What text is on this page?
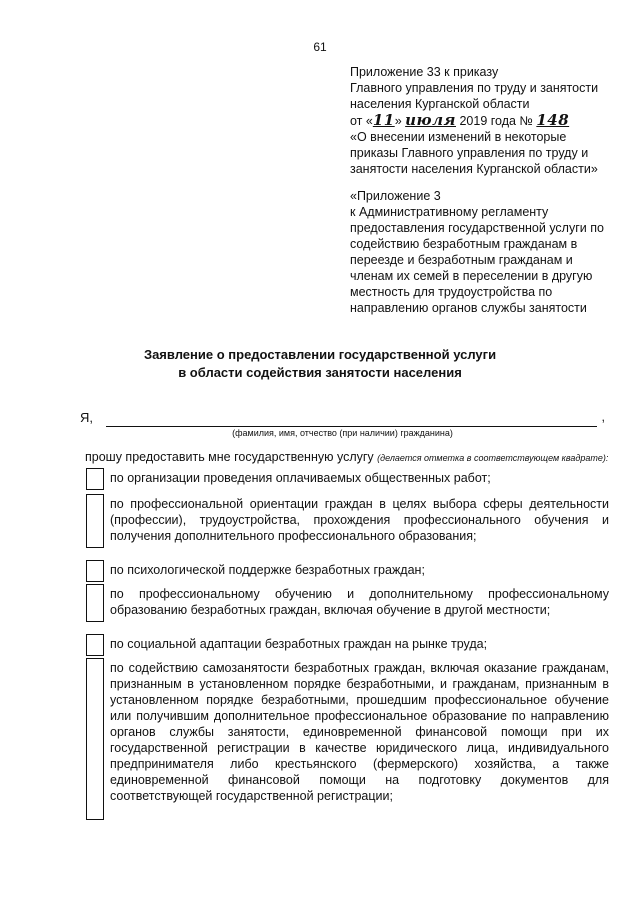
61
Приложение 33 к приказу
Главного управления по труду и занятости
населения Курганской области
от «11» июля 2019 года № 148
«О внесении изменений в некоторые
приказы Главного управления по труду и
занятости населения Курганской области»
«Приложение 3
к Административному регламенту
предоставления государственной услуги по
содействию безработным гражданам в
переезде и безработным гражданам и
членам их семей в переселении в другую
местность для трудоустройства по
направлению органов службы занятости
Заявление о предоставлении государственной услуги
в области содействия занятости населения
Я,	,
(фамилия, имя, отчество (при наличии) гражданина)
прошу предоставить мне государственную услугу (делается отметка в соответствующем квадрате):
по организации проведения оплачиваемых общественных работ;
по профессиональной ориентации граждан в целях выбора сферы деятельности (профессии), трудоустройства, прохождения профессионального обучения и получения дополнительного профессионального образования;
по психологической поддержке безработных граждан;
по профессиональному обучению и дополнительному профессиональному образованию безработных граждан, включая обучение в другой местности;
по социальной адаптации безработных граждан на рынке труда;
по содействию самозанятости безработных граждан, включая оказание гражданам, признанным в установленном порядке безработными, и гражданам, признанным в установленном порядке безработными, прошедшим профессиональное обучение или получившим дополнительное профессиональное образование по направлению органов службы занятости, единовременной финансовой помощи при их государственной регистрации в качестве юридического лица, индивидуального предпринимателя либо крестьянского (фермерского) хозяйства, а также единовременной финансовой помощи на подготовку документов для соответствующей государственной регистрации;
